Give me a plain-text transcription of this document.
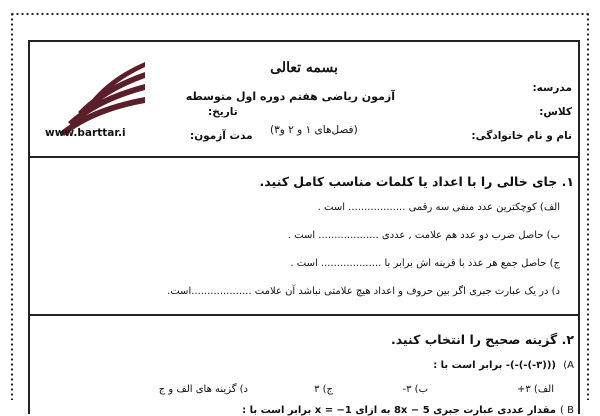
بسمه تعالی
آزمون ریاضی هفتم دوره اول متوسطه
(فصل‌های ۱ و ۲ و۳)
مدرسه:
کلاس:
نام و نام خانوادگی:
تاریخ:
مدت آزمون:
www.barttar.i
۱. جای خالی را با اعداد یا کلمات مناسب کامل کنید.
الف) کوچکترین عدد منفی سه رقمی .................. است .
ب) حاصل ضرب دو عدد هم علامت , عددی ................... است .
ج) حاصل جمع هر عدد با قرینه اش برابر با ................... است .
د) در یک عبارت جبری اگر بین حروف و اعداد هیچ علامتی نباشد آن علامت ...................است.
۲. گزینه صحیح را انتخاب کنید.
A)
(((۳-)-)-)- برابر است با :
الف) ۳+
ب) ۳-
ج) ۳
د) گزینه های الف و ج
B )
مقدار عددی عبارت جبری 8x − 5 به ازای x = −1 برابر است با :
